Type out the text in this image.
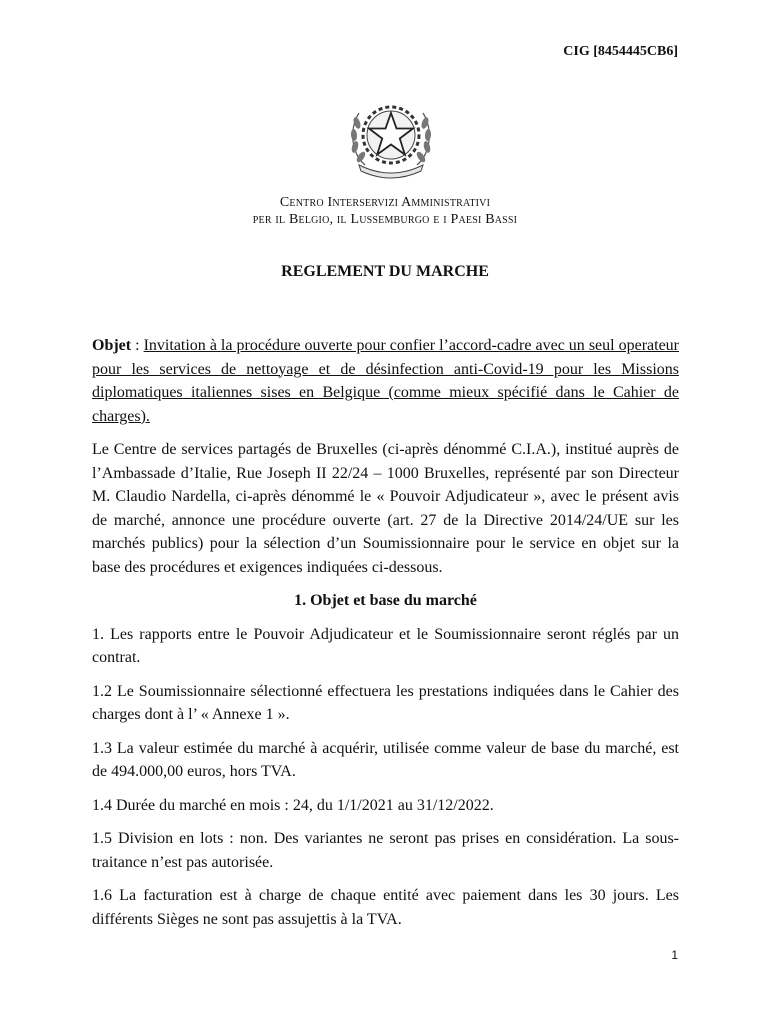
CIG [8454445CB6]
Centro Interservizi Amministrativi
per il Belgio, il Lussemburgo e i Paesi Bassi
REGLEMENT DU MARCHE

Objet : Invitation à la procédure ouverte pour confier l’accord-cadre avec un seul operateur pour les services de nettoyage et de désinfection anti-Covid-19 pour les Missions diplomatiques italiennes sises en Belgique (comme mieux spécifié dans le Cahier de charges).

Le Centre de services partagés de Bruxelles (ci-après dénommé C.I.A.), institué auprès de l’Ambassade d’Italie, Rue Joseph II 22/24 – 1000 Bruxelles, représenté par son Directeur M. Claudio Nardella, ci-après dénommé le « Pouvoir Adjudicateur », avec le présent avis de marché, annonce une procédure ouverte (art. 27 de la Directive 2014/24/UE sur les marchés publics) pour la sélection d’un Soumissionnaire pour le service en objet sur la base des procédures et exigences indiquées ci-dessous.

1. Objet et base du marché

1. Les rapports entre le Pouvoir Adjudicateur et le Soumissionnaire seront réglés par un contrat.

1.2 Le Soumissionnaire sélectionné effectuera les prestations indiquées dans le Cahier des charges dont à l’ « Annexe 1 ».

1.3 La valeur estimée du marché à acquérir, utilisée comme valeur de base du marché, est de 494.000,00 euros, hors TVA.

1.4 Durée du marché en mois : 24, du 1/1/2021 au 31/12/2022.

1.5 Division en lots : non. Des variantes ne seront pas prises en considération. La sous-traitance n’est pas autorisée.

1.6 La facturation est à charge de chaque entité avec paiement dans les 30 jours. Les différents Sièges ne sont pas assujettis à la TVA.

1
